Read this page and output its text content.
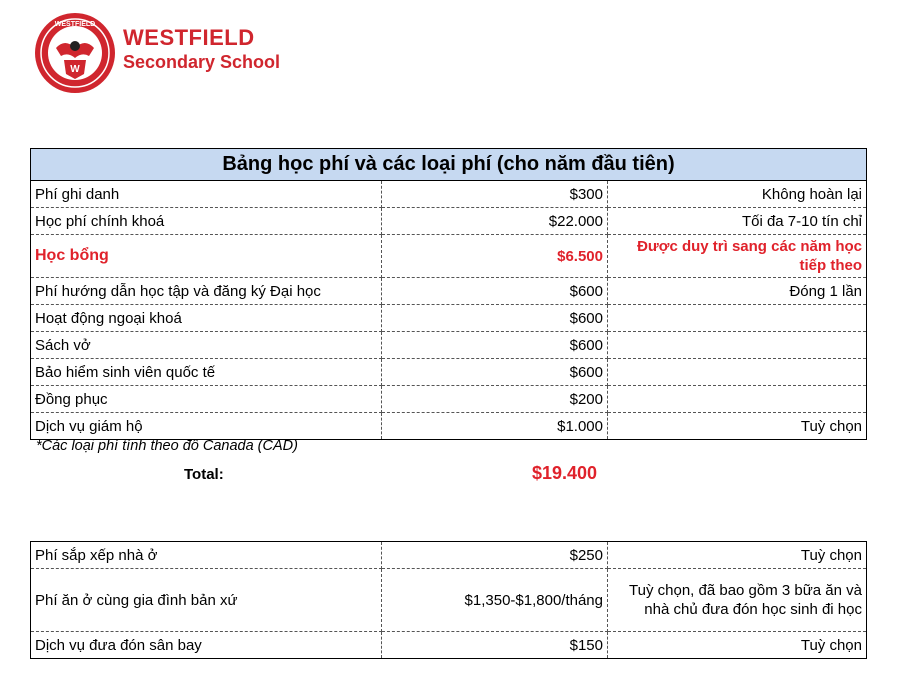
W
WESTFIELD
WESTFIELD
Secondary School
Bảng học phí và các loại phí (cho năm đầu tiên)		
Phí ghi danh	$300	Không hoàn lại
Học phí chính khoá	$22.000	Tối đa 7-10 tín chỉ
Học bổng	$6.500	Được duy trì sang các năm học tiếp theo
Phí hướng dẫn học tập và đăng ký Đại học	$600	Đóng 1 lần
Hoạt động ngoại khoá	$600	
Sách vở	$600	
Bảo hiểm sinh viên quốc tế	$600	
Đồng phục	$200	
Dịch vụ giám hộ	$1.000	Tuỳ chọn
*Các loại phí tính theo đô Canada (CAD)
Total:	$19.400
Phí sắp xếp nhà ở	$250	Tuỳ chọn
Phí ăn ở cùng gia đình bản xứ	$1,350-$1,800/tháng	Tuỳ chọn, đã bao gồm 3 bữa ăn và nhà chủ đưa đón học sinh đi học
Dịch vụ đưa đón sân bay	$150	Tuỳ chọn
